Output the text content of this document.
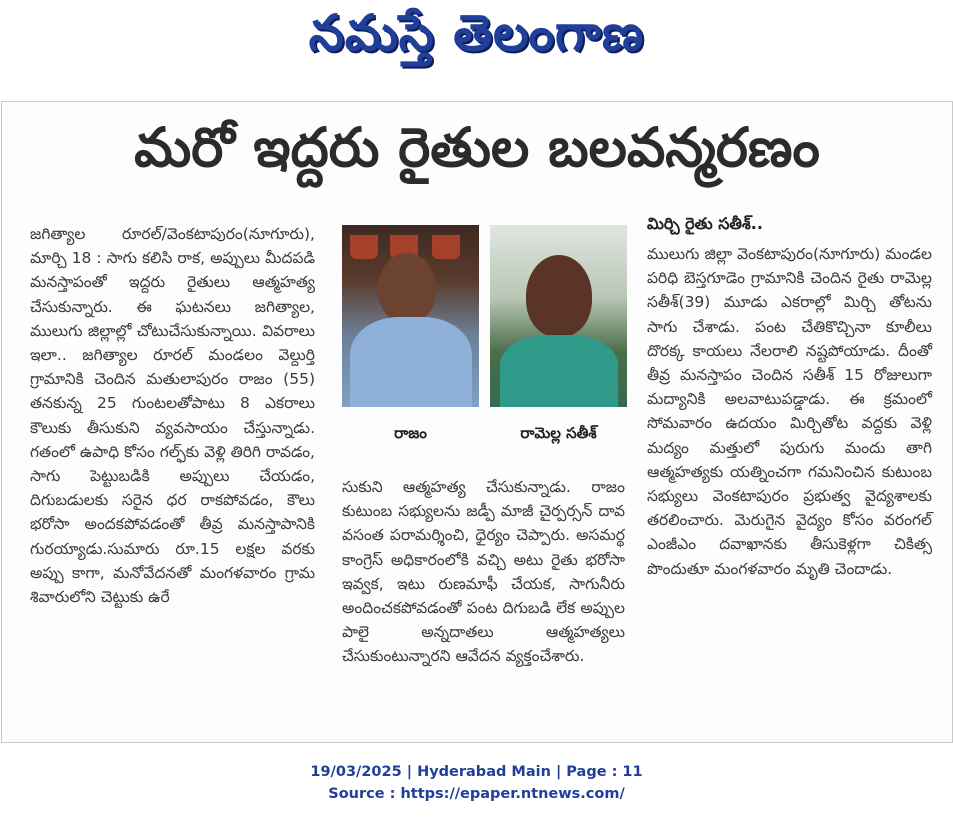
నమస్తే తెలంగాణ
మరో ఇద్దరు రైతుల బలవన్మరణం

జగిత్యాల రూరల్/వెంకటాపురం(నూగూరు), మార్చి 18 : సాగు కలిసి రాక, అప్పులు మీదపడి మనస్తాపంతో ఇద్దరు రైతులు ఆత్మహత్య చేసుకున్నారు. ఈ ఘటనలు జగిత్యాల, ములుగు జిల్లాల్లో చోటుచేసుకున్నాయి. వివరాలు ఇలా.. జగిత్యాల రూరల్ మండలం వెల్దుర్తి గ్రామానికి చెందిన మతులాపురం రాజం (55) తనకున్న 25 గుంటలతోపాటు 8 ఎకరాలు కౌలుకు తీసుకుని వ్యవసాయం చేస్తున్నాడు. గతంలో ఉపాధి కోసం గల్ఫ్‌కు వెళ్లి తిరిగి రావడం, సాగు పెట్టుబడికి అప్పులు చేయడం, దిగుబడులకు సరైన ధర రాకపోవడం, కౌలు భరోసా అందకపోవడంతో తీవ్ర మనస్తాపానికి గురయ్యాడు.సుమారు రూ.15 లక్షల వరకు అప్పు కాగా, మనోవేదనతో మంగళవారం గ్రామ శివారులోని చెట్టుకు ఉరే

రాజం	రామెల్ల సతీశ్

సుకుని ఆత్మహత్య చేసుకున్నాడు. రాజం కుటుంబ సభ్యులను జడ్పీ మాజీ చైర్పర్సన్ దావ వసంత పరామర్శించి, ధైర్యం చెప్పారు. అసమర్థ కాంగ్రెస్ అధికారంలోకి వచ్చి అటు రైతు భరోసా ఇవ్వక, ఇటు రుణమాఫీ చేయక, సాగునీరు అందించకపోవడంతో పంట దిగుబడి లేక అప్పుల పాలై అన్నదాతలు ఆత్మహత్యలు చేసుకుంటున్నారని ఆవేదన వ్యక్తంచేశారు.

మిర్చి రైతు సతీశ్..

ములుగు జిల్లా వెంకటాపురం(నూగూరు) మండల పరిధి బెస్తగూడెం గ్రామానికి చెందిన రైతు రామెల్ల సతీశ్(39) మూడు ఎకరాల్లో మిర్చి తోటను సాగు చేశాడు. పంట చేతికొచ్చినా కూలీలు దొరక్క కాయలు నేలరాలి నష్టపోయాడు. దీంతో తీవ్ర మనస్తాపం చెందిన సతీశ్ 15 రోజులుగా మద్యానికి అలవాటుపడ్డాడు. ఈ క్రమంలో సోమవారం ఉదయం మిర్చితోట వద్దకు వెళ్లి మద్యం మత్తులో పురుగు మందు తాగి ఆత్మహత్యకు యత్నించగా గమనించిన కుటుంబ సభ్యులు వెంకటాపురం ప్రభుత్వ వైద్యశాలకు తరలించారు. మెరుగైన వైద్యం కోసం వరంగల్ ఎంజీఎం దవాఖానకు తీసుకెళ్లగా చికిత్స పొందుతూ మంగళవారం మృతి చెందాడు.

19/03/2025 | Hyderabad Main | Page : 11
Source : https://epaper.ntnews.com/
